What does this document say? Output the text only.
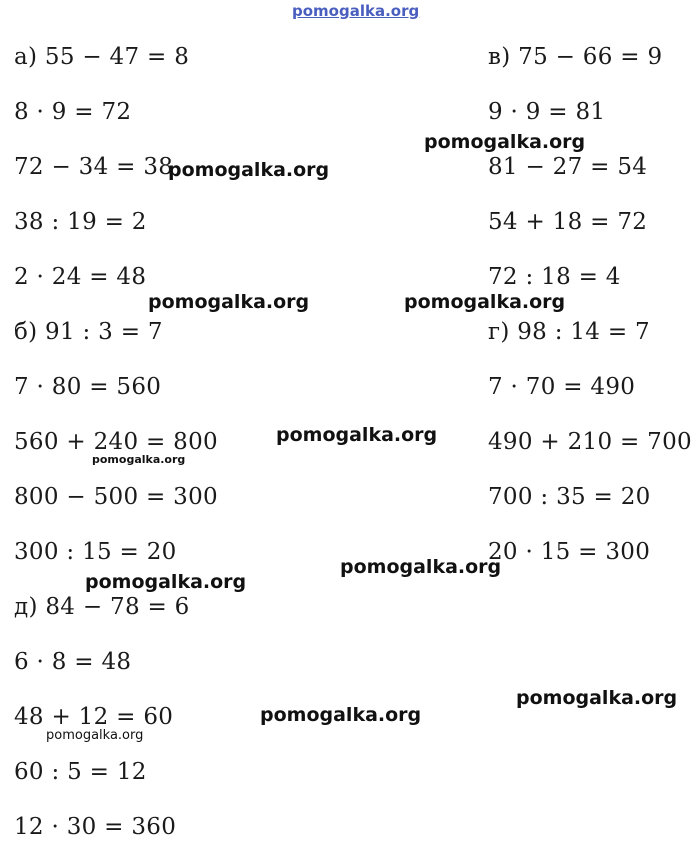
pomogalka.org
а) 55 − 47 = 8
8 · 9 = 72
72 − 34 = 38
38 : 19 = 2
2 · 24 = 48
б) 91 : 3 = 7
7 · 80 = 560
560 + 240 = 800
800 − 500 = 300
300 : 15 = 20
д) 84 − 78 = 6
6 · 8 = 48
48 + 12 = 60
60 : 5 = 12
12 · 30 = 360
в) 75 − 66 = 9
9 · 9 = 81
81 − 27 = 54
54 + 18 = 72
72 : 18 = 4
г) 98 : 14 = 7
7 · 70 = 490
490 + 210 = 700
700 : 35 = 20
20 · 15 = 300
pomogalka.org
pomogalka.org
pomogalka.org	pomogalka.org
pomogalka.org
pomogalka.org
pomogalka.org
pomogalka.org
pomogalka.org
pomogalka.org
pomogalka.org
